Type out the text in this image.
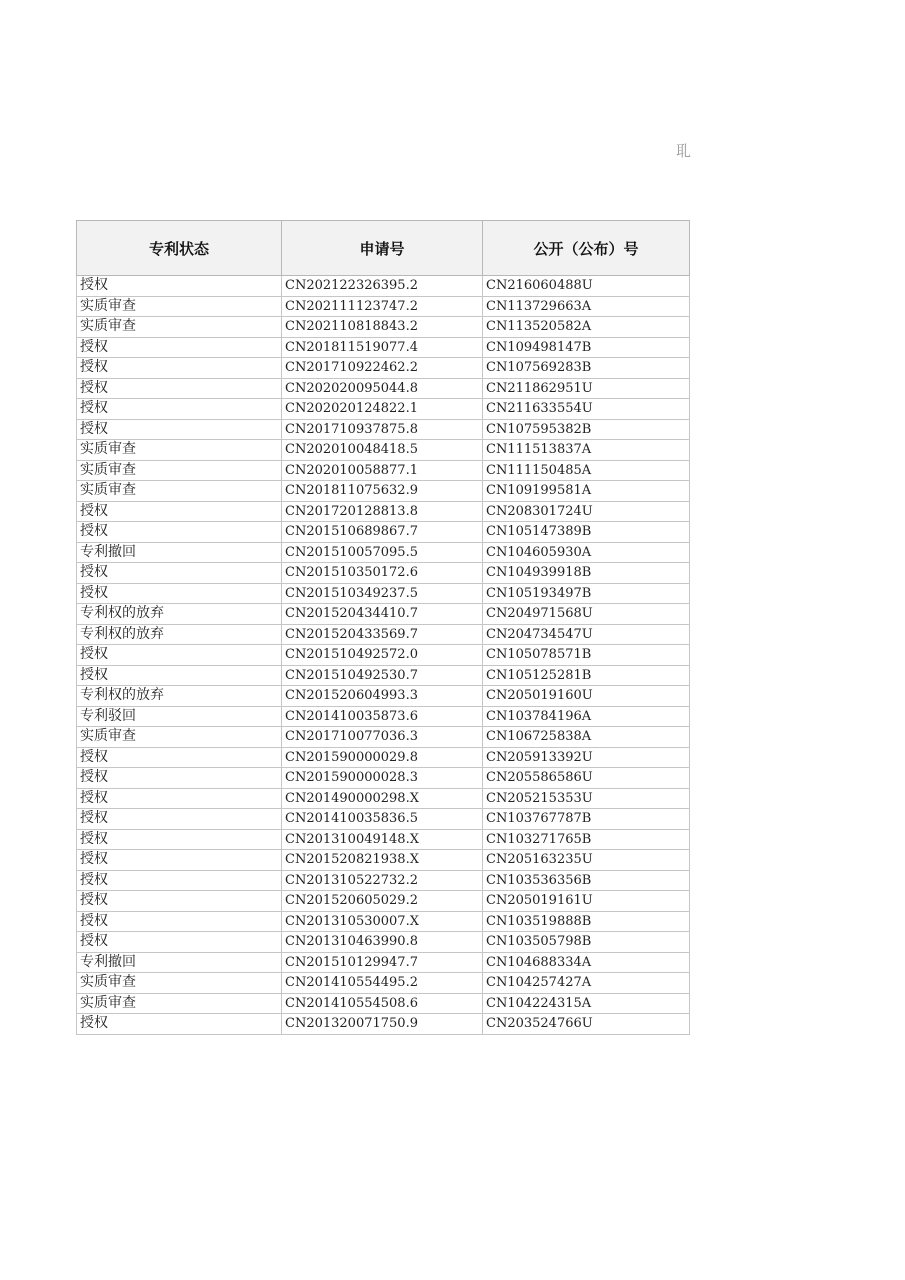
耴
专利状态	申请号	公开（公布）号
授权	CN202122326395.2	CN216060488U
实质审查	CN202111123747.2	CN113729663A
实质审查	CN202110818843.2	CN113520582A
授权	CN201811519077.4	CN109498147B
授权	CN201710922462.2	CN107569283B
授权	CN202020095044.8	CN211862951U
授权	CN202020124822.1	CN211633554U
授权	CN201710937875.8	CN107595382B
实质审查	CN202010048418.5	CN111513837A
实质审查	CN202010058877.1	CN111150485A
实质审查	CN201811075632.9	CN109199581A
授权	CN201720128813.8	CN208301724U
授权	CN201510689867.7	CN105147389B
专利撤回	CN201510057095.5	CN104605930A
授权	CN201510350172.6	CN104939918B
授权	CN201510349237.5	CN105193497B
专利权的放弃	CN201520434410.7	CN204971568U
专利权的放弃	CN201520433569.7	CN204734547U
授权	CN201510492572.0	CN105078571B
授权	CN201510492530.7	CN105125281B
专利权的放弃	CN201520604993.3	CN205019160U
专利驳回	CN201410035873.6	CN103784196A
实质审查	CN201710077036.3	CN106725838A
授权	CN201590000029.8	CN205913392U
授权	CN201590000028.3	CN205586586U
授权	CN201490000298.X	CN205215353U
授权	CN201410035836.5	CN103767787B
授权	CN201310049148.X	CN103271765B
授权	CN201520821938.X	CN205163235U
授权	CN201310522732.2	CN103536356B
授权	CN201520605029.2	CN205019161U
授权	CN201310530007.X	CN103519888B
授权	CN201310463990.8	CN103505798B
专利撤回	CN201510129947.7	CN104688334A
实质审查	CN201410554495.2	CN104257427A
实质审查	CN201410554508.6	CN104224315A
授权	CN201320071750.9	CN203524766U
